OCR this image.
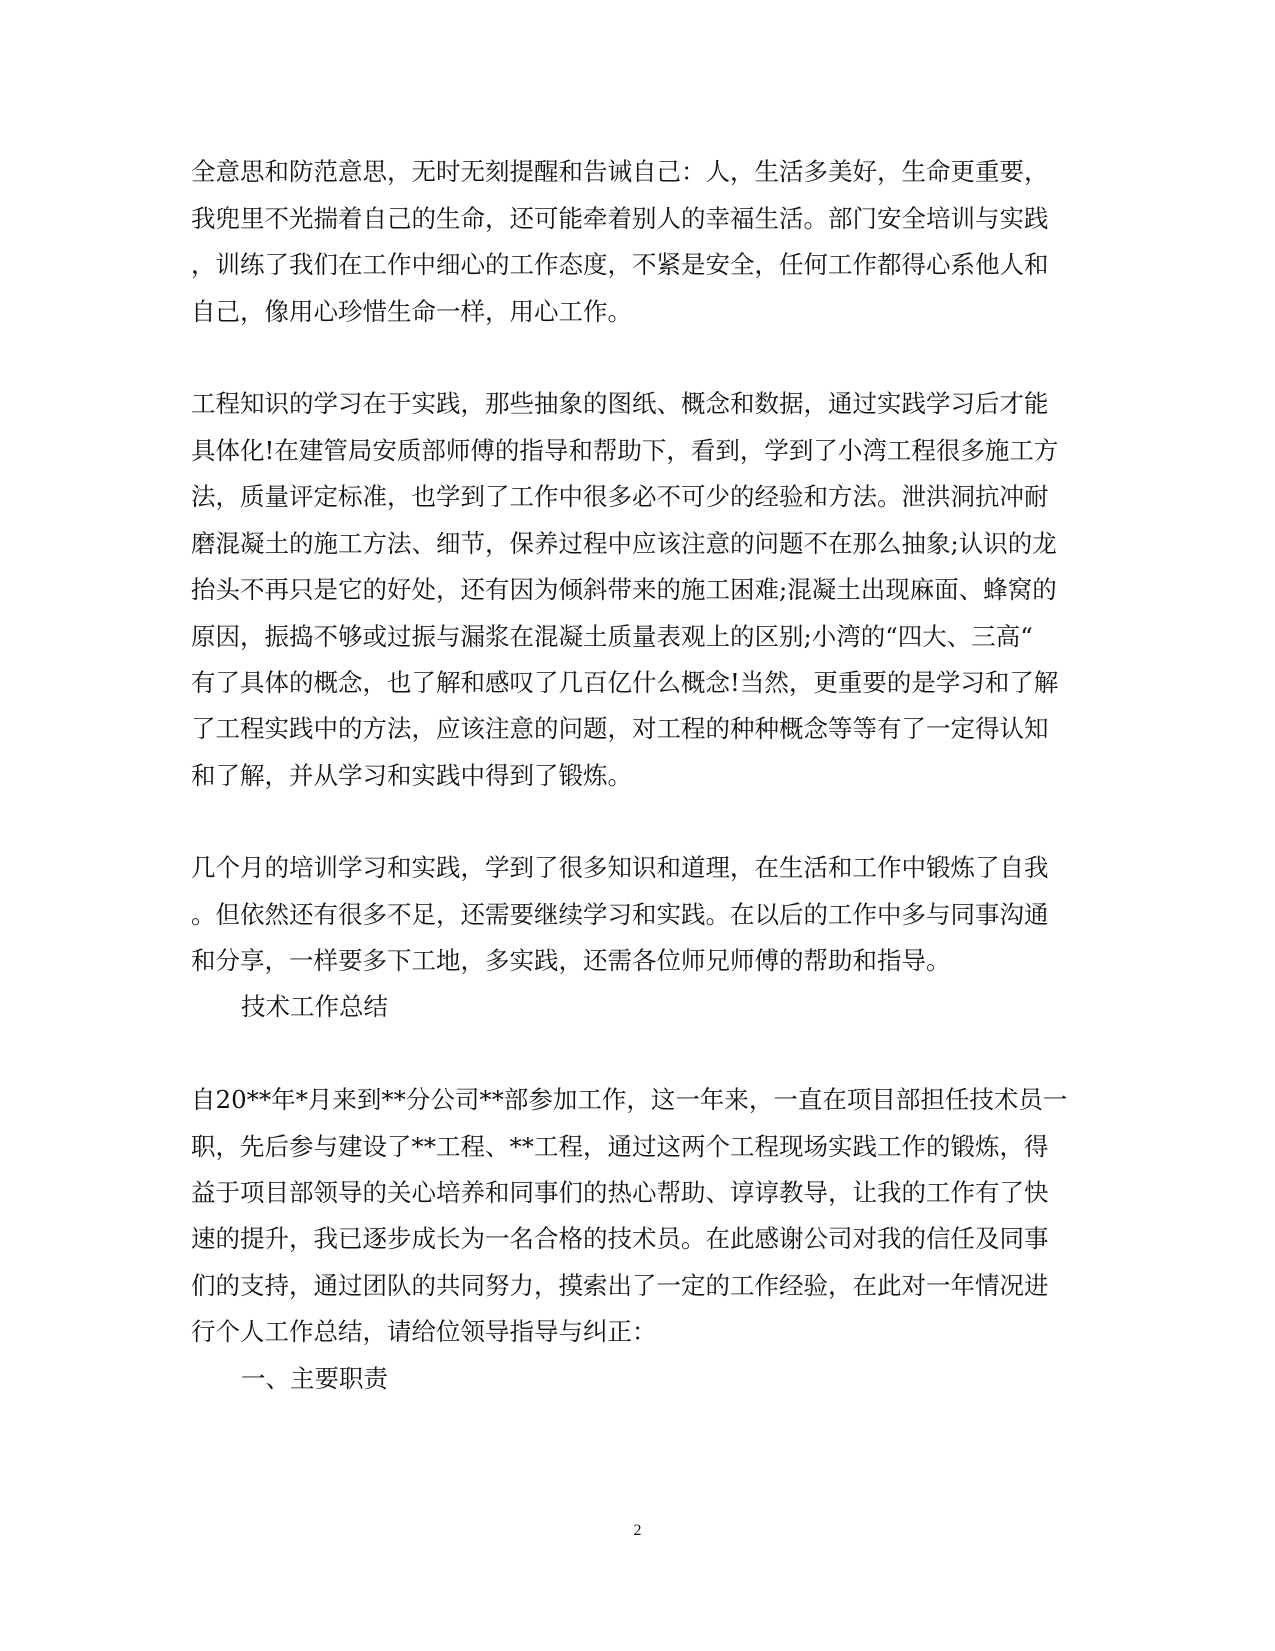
全意思和防范意思，无时无刻提醒和告诫自己：人，生活多美好，生命更重要，
我兜里不光揣着自己的生命，还可能牵着别人的幸福生活。部门安全培训与实践
，训练了我们在工作中细心的工作态度，不紧是安全，任何工作都得心系他人和
自己，像用心珍惜生命一样，用心工作。
工程知识的学习在于实践，那些抽象的图纸、概念和数据，通过实践学习后才能
具体化!在建管局安质部师傅的指导和帮助下，看到，学到了小湾工程很多施工方
法，质量评定标准，也学到了工作中很多必不可少的经验和方法。泄洪洞抗冲耐
磨混凝土的施工方法、细节，保养过程中应该注意的问题不在那么抽象;认识的龙
抬头不再只是它的好处，还有因为倾斜带来的施工困难;混凝土出现麻面、蜂窝的
原因，振捣不够或过振与漏浆在混凝土质量表观上的区别;小湾的“四大、三高“
有了具体的概念，也了解和感叹了几百亿什么概念!当然，更重要的是学习和了解
了工程实践中的方法，应该注意的问题，对工程的种种概念等等有了一定得认知
和了解，并从学习和实践中得到了锻炼。
几个月的培训学习和实践，学到了很多知识和道理，在生活和工作中锻炼了自我
。但依然还有很多不足，还需要继续学习和实践。在以后的工作中多与同事沟通
和分享，一样要多下工地，多实践，还需各位师兄师傅的帮助和指导。
技术工作总结
自20**年*月来到**分公司**部参加工作，这一年来，一直在项目部担任技术员一
职，先后参与建设了**工程、**工程，通过这两个工程现场实践工作的锻炼，得
益于项目部领导的关心培养和同事们的热心帮助、谆谆教导，让我的工作有了快
速的提升，我已逐步成长为一名合格的技术员。在此感谢公司对我的信任及同事
们的支持，通过团队的共同努力，摸索出了一定的工作经验，在此对一年情况进
行个人工作总结，请给位领导指导与纠正：
一、主要职责
2
